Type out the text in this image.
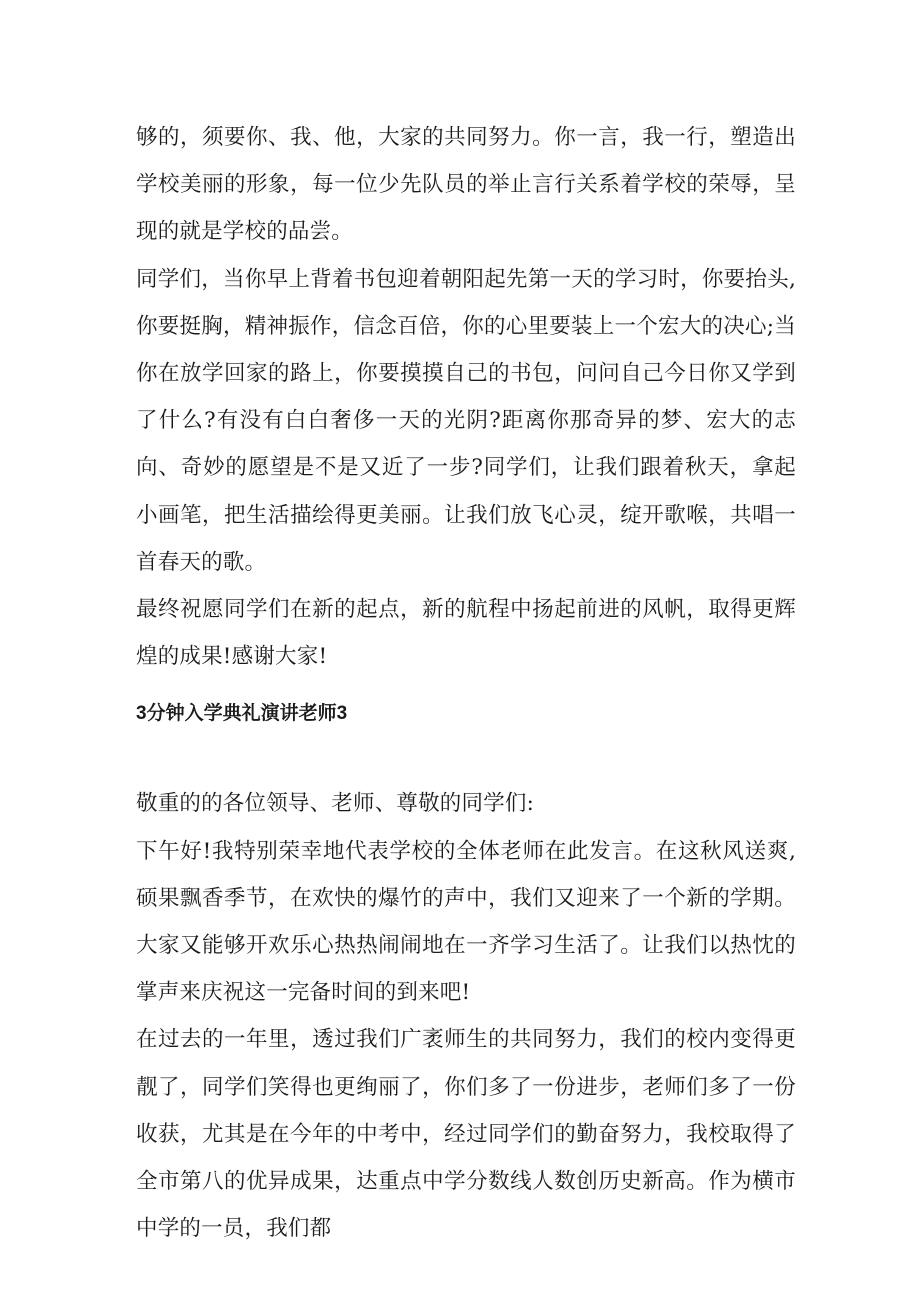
够的，须要你、我、他，大家的共同努力。你一言，我一行，塑造出学校美丽的形象，每一位少先队员的举止言行关系着学校的荣辱，呈现的就是学校的品尝。

同学们，当你早上背着书包迎着朝阳起先第一天的学习时，你要抬头,你要挺胸，精神振作，信念百倍，你的心里要装上一个宏大的决心;当你在放学回家的路上，你要摸摸自己的书包，问问自己今日你又学到了什么?有没有白白奢侈一天的光阴?距离你那奇异的梦、宏大的志向、奇妙的愿望是不是又近了一步?同学们，让我们跟着秋天，拿起小画笔，把生活描绘得更美丽。让我们放飞心灵，绽开歌喉，共唱一首春天的歌。

最终祝愿同学们在新的起点，新的航程中扬起前进的风帆，取得更辉煌的成果!感谢大家!

3分钟入学典礼演讲老师3

敬重的的各位领导、老师、尊敬的同学们:

下午好!我特别荣幸地代表学校的全体老师在此发言。在这秋风送爽,硕果飘香季节，在欢快的爆竹的声中，我们又迎来了一个新的学期。大家又能够开欢乐心热热闹闹地在一齐学习生活了。让我们以热忱的掌声来庆祝这一完备时间的到来吧!

在过去的一年里，透过我们广袤师生的共同努力，我们的校内变得更靓了，同学们笑得也更绚丽了，你们多了一份进步，老师们多了一份收获，尤其是在今年的中考中，经过同学们的勤奋努力，我校取得了全市第八的优异成果，达重点中学分数线人数创历史新高。作为横市中学的一员，我们都
